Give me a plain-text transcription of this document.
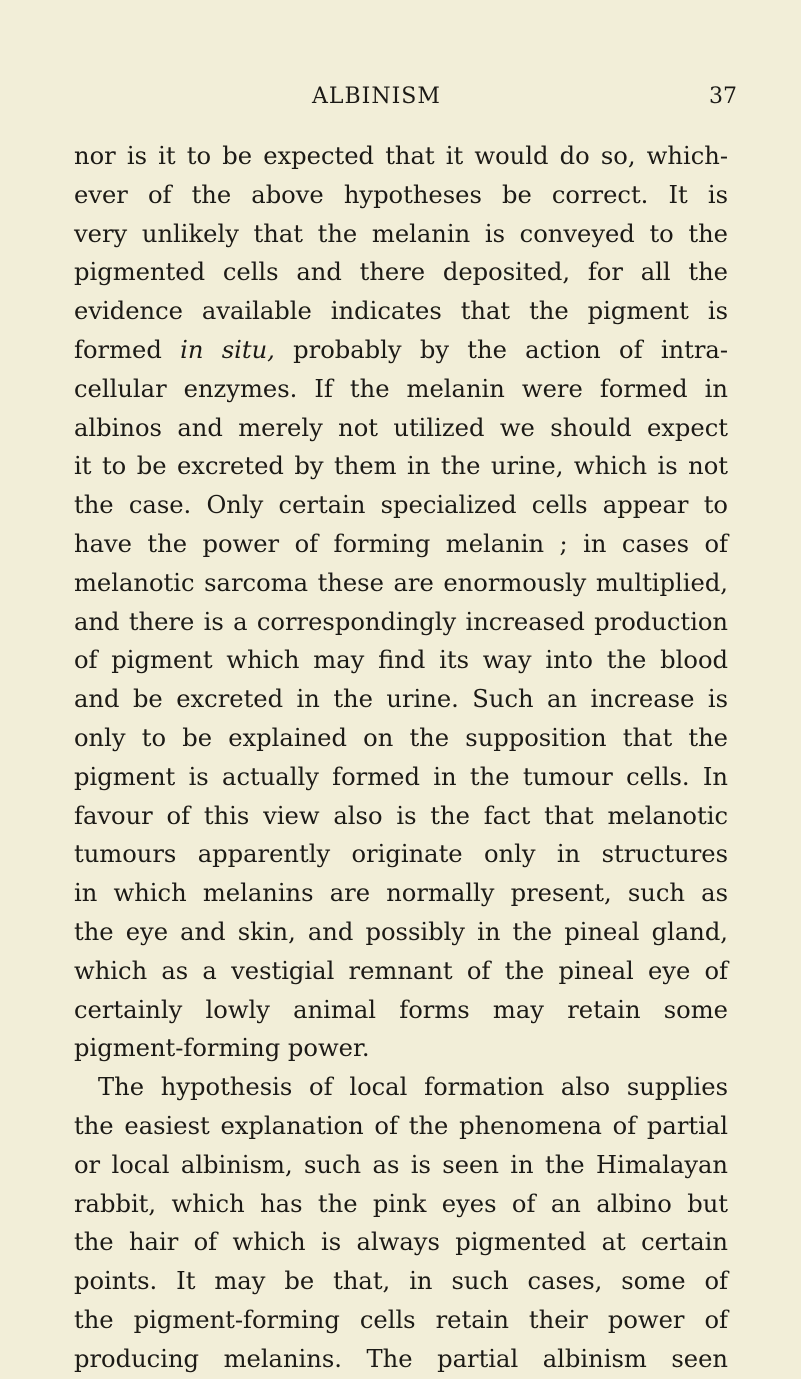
ALBINISM	37
nor is it to be expected that it would do so, which-
ever of the above hypotheses be correct. It is
very unlikely that the melanin is conveyed to the
pigmented cells and there deposited, for all the
evidence available indicates that the pigment is
formed in situ, probably by the action of intra-
cellular enzymes. If the melanin were formed in
albinos and merely not utilized we should expect
it to be excreted by them in the urine, which is not
the case. Only certain specialized cells appear to
have the power of forming melanin ; in cases of
melanotic sarcoma these are enormously multiplied,
and there is a correspondingly increased production
of pigment which may find its way into the blood
and be excreted in the urine. Such an increase is
only to be explained on the supposition that the
pigment is actually formed in the tumour cells. In
favour of this view also is the fact that melanotic
tumours apparently originate only in structures
in which melanins are normally present, such as
the eye and skin, and possibly in the pineal gland,
which as a vestigial remnant of the pineal eye of
certainly lowly animal forms may retain some
pigment-forming power.
The hypothesis of local formation also supplies
the easiest explanation of the phenomena of partial
or local albinism, such as is seen in the Himalayan
rabbit, which has the pink eyes of an albino but
the hair of which is always pigmented at certain
points. It may be that, in such cases, some of
the pigment-forming cells retain their power of
producing melanins. The partial albinism seen
